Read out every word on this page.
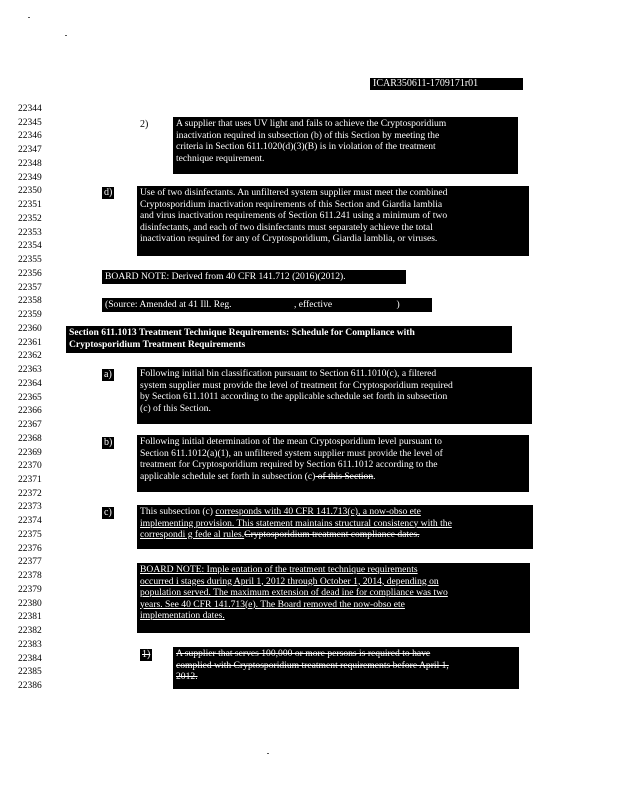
ICAR350611-1709171r01
22344
22345
22346
22347
22348
22349
22350
22351
22352
22353
22354
22355
22356
22357
22358
22359
22360
22361
22362
22363
22364
22365
22366
22367
22368
22369
22370
22371
22372
22373
22374
22375
22376
22377
22378
22379
22380
22381
22382
22383
22384
22385
22386
2)	A supplier that uses UV light and fails to achieve the Cryptosporidium

inactivation required in subsection (b) of this Section by meeting the

criteria in Section 611.1020(d)(3)(B) is in violation of the treatment

technique requirement.

d)	Use of two disinfectants. An unfiltered system supplier must meet the combined

Cryptosporidium inactivation requirements of this Section and Giardia lamblia

and virus inactivation requirements of Section 611.241 using a minimum of two

disinfectants, and each of two disinfectants must separately achieve the total

inactivation required for any of Cryptosporidium, Giardia lamblia, or viruses.

BOARD NOTE: Derived from 40 CFR 141.712 (2016)(2012).

(Source: Amended at 41 Ill. Reg.	, effective	)

Section 611.1013 Treatment Technique Requirements: Schedule for Compliance with

Cryptosporidium Treatment Requirements

a)	Following initial bin classification pursuant to Section 611.1010(c), a filtered

system supplier must provide the level of treatment for Cryptosporidium required

by Section 611.1011 according to the applicable schedule set forth in subsection

(c) of this Section.

b)	Following initial determination of the mean Cryptosporidium level pursuant to

Section 611.1012(a)(1), an unfiltered system supplier must provide the level of

treatment for Cryptosporidium required by Section 611.1012 according to the

applicable schedule set forth in subsection (c) of this Section.

c)	This subsection (c) corresponds with 40 CFR 141.713(c), a now-obso ete

implementing provision. This statement maintains structural consistency with the

correspondi g fede al rules.Cryptosporidium treatment compliance dates.

BOARD NOTE: Imple entation of the treatment technique requirements

occurred i stages during April 1, 2012 through October 1, 2014, depending on

population served. The maximum extension of dead ine for compliance was two

years. See 40 CFR 141.713(e). The Board removed the now-obso ete

implementation dates.

1)	A supplier that serves 100,000 or more persons is required to have

complied with Cryptosporidium treatment requirements before April 1,

2012.
